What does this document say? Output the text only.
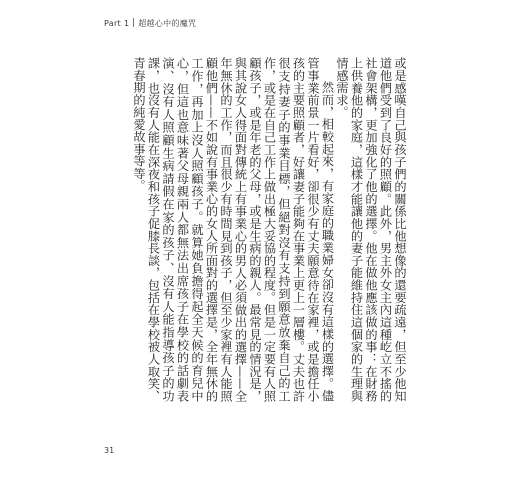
Part 1 超越心中的魔咒

或是感嘆自己與孩子們的關係比他想像的還要疏遠，但至少他知道他們受到了良好的照顧。此外，男主外女主內這種屹立不搖的社會架構，更加強化了他的選擇。他在做他應該做的事：在財務上供養他的家庭，這樣才能讓他的妻子能維持住這個家的生理與情感需求。

然而，相較起來，有家庭的職業婦女卻沒有這樣的選擇。儘管事業前景一片看好，卻很少有丈夫願意待在家裡，或是擔任小孩的主要照顧者，好讓妻子能夠在事業上更上一層樓。丈夫也許很支持妻子的事業目標，但絕對沒有支持到願意放棄自己的工作，或是在自己工作上做出極大妥協的程度。但是一定要有人照顧孩子，或是年老的父母，或是生病的親人。最常見的情況是，與其說女人得面對傳統上有事業心的男人必須做出的選擇——全年無休的工作，而且很少有時間見到孩子，但至少家裡有人能照顧他們——不如說有事業心的女人所面對的選擇是，全年無休的工作，再加上沒人照顧孩子。就算她負擔得起全天候的育兒中心，但這也意味著父母親兩人都無法出席孩子在學校的話劇表演、沒有人照顧生病請假在家的孩子、沒有人能指導孩子的功課，也沒有人能在深夜和孩子促膝長談，包括在學校被人取笑、青春期的純愛故事等等。

31
